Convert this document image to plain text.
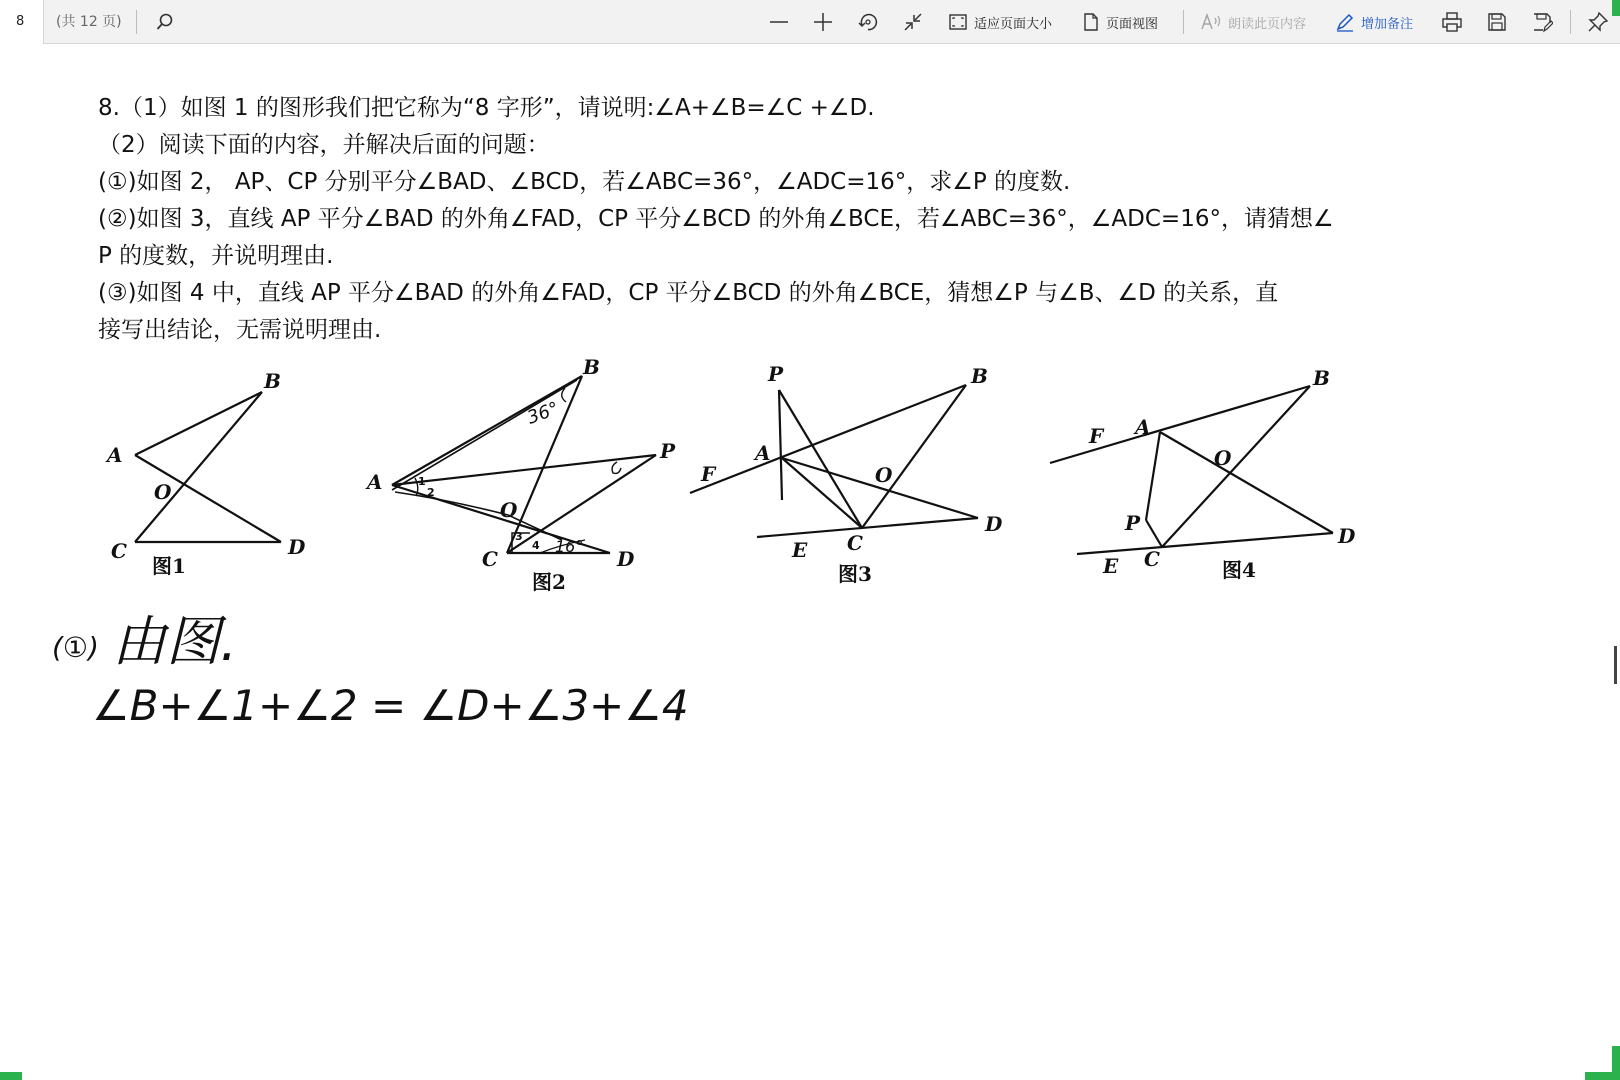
8	(共 12 页)	适应页面大小	页面视图	朗读此页内容	增加备注

8.（1）如图 1 的图形我们把它称为“8 字形”，请说明:∠A+∠B=∠C +∠D.

（2）阅读下面的内容，并解决后面的问题：

(①)如图 2， AP、CP 分别平分∠BAD、∠BCD，若∠ABC=36°，∠ADC=16°，求∠P 的度数.

(②)如图 3，直线 AP 平分∠BAD 的外角∠FAD，CP 平分∠BCD 的外角∠BCE，若∠ABC=36°，∠ADC=16°，请猜想∠

P 的度数，并说明理由.

(③)如图 4 中，直线 AP 平分∠BAD 的外角∠FAD，CP 平分∠BCD 的外角∠BCE，猜想∠P 与∠B、∠D 的关系，直

接写出结论，无需说明理由.

A
B
C	D
O
图1
A
B
C	D
O
P
1
2
3
4
36°
16°
图2
P	B
F
A
O
D
E C
图3
F A
B
O
P
D
E C	图4
(①) 由图.
∠B+∠1+∠2 = ∠D+∠3+∠4
